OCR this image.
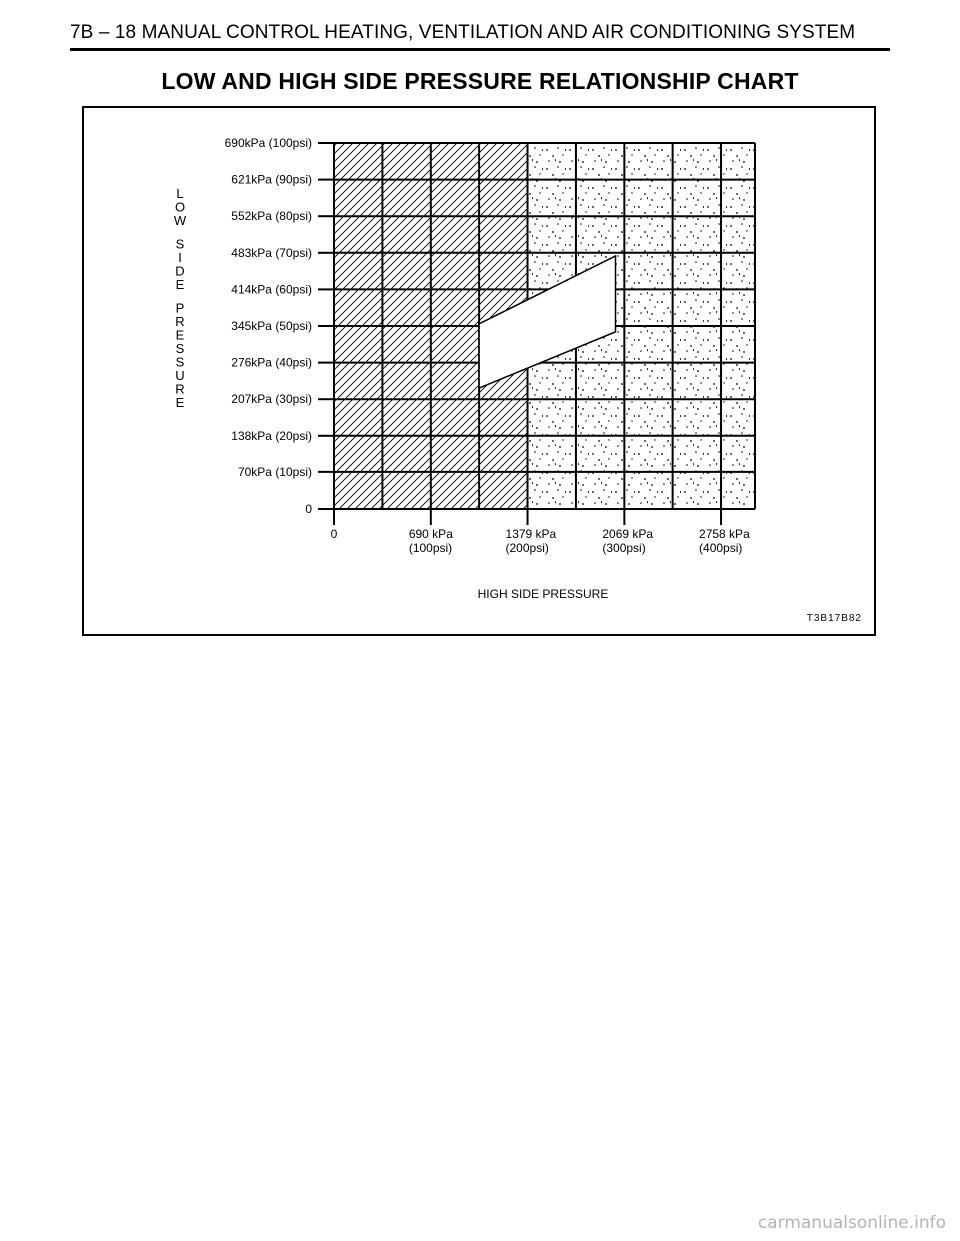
7B – 18 MANUAL CONTROL HEATING, VENTILATION AND AIR CONDITIONING SYSTEM
LOW AND HIGH SIDE PRESSURE RELATIONSHIP CHART
0
70kPa (10psi)
138kPa (20psi)
207kPa (30psi)
276kPa (40psi)
345kPa (50psi)
414kPa (60psi)
483kPa (70psi)
552kPa (80psi)
621kPa (90psi)
690kPa (100psi)
0	690 kPa
(100psi)
1379 kPa
(200psi)
2069 kPa
(300psi)
2758 kPa
(400psi)
L
O
W
S
I
D
E
P
R
E
S
S
U
R
E
HIGH SIDE PRESSURE
T3B17B82
carmanualsonline.info
